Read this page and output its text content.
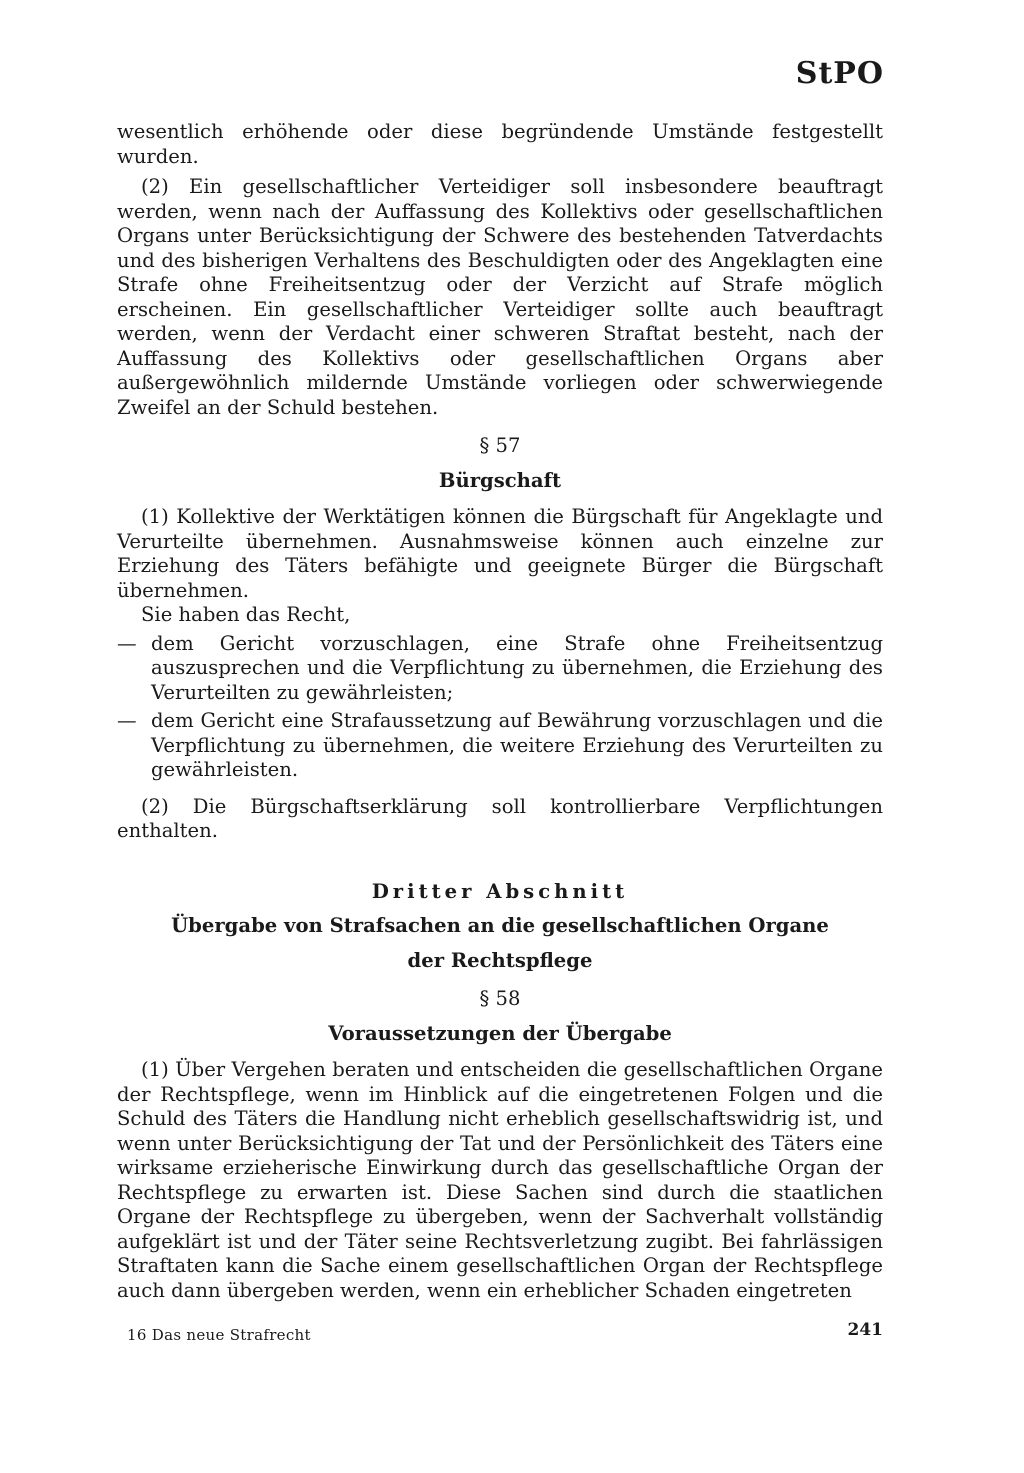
StPO

wesentlich erhöhende oder diese begründende Umstände festgestellt wurden.

(2) Ein gesellschaftlicher Verteidiger soll insbesondere beauftragt werden, wenn nach der Auffassung des Kollektivs oder gesellschaftlichen Organs unter Berücksichtigung der Schwere des bestehenden Tatverdachts und des bisherigen Verhaltens des Beschuldigten oder des Angeklagten eine Strafe ohne Freiheitsentzug oder der Verzicht auf Strafe möglich erscheinen. Ein gesellschaftlicher Verteidiger sollte auch beauftragt werden, wenn der Verdacht einer schweren Straftat besteht, nach der Auffassung des Kollektivs oder gesellschaftlichen Organs aber außergewöhnlich mildernde Umstände vorliegen oder schwerwiegende Zweifel an der Schuld bestehen.

§ 57

Bürgschaft

(1) Kollektive der Werktätigen können die Bürgschaft für Angeklagte und Verurteilte übernehmen. Ausnahmsweise können auch einzelne zur Erziehung des Täters befähigte und geeignete Bürger die Bürgschaft übernehmen.

Sie haben das Recht,

— dem Gericht vorzuschlagen, eine Strafe ohne Freiheitsentzug auszusprechen und die Verpflichtung zu übernehmen, die Erziehung des Verurteilten zu gewährleisten;

— dem Gericht eine Strafaussetzung auf Bewährung vorzuschlagen und die Verpflichtung zu übernehmen, die weitere Erziehung des Verurteilten zu gewährleisten.

(2) Die Bürgschaftserklärung soll kontrollierbare Verpflichtungen enthalten.

Dritter Abschnitt

Übergabe von Strafsachen an die gesellschaftlichen Organe

der Rechtspflege

§ 58

Voraussetzungen der Übergabe

(1) Über Vergehen beraten und entscheiden die gesellschaftlichen Organe der Rechtspflege, wenn im Hinblick auf die eingetretenen Folgen und die Schuld des Täters die Handlung nicht erheblich gesellschaftswidrig ist, und wenn unter Berücksichtigung der Tat und der Persönlichkeit des Täters eine wirksame erzieherische Einwirkung durch das gesellschaftliche Organ der Rechtspflege zu erwarten ist. Diese Sachen sind durch die staatlichen Organe der Rechtspflege zu übergeben, wenn der Sachverhalt vollständig aufgeklärt ist und der Täter seine Rechtsverletzung zugibt. Bei fahrlässigen Straftaten kann die Sache einem gesellschaftlichen Organ der Rechtspflege auch dann übergeben werden, wenn ein erheblicher Schaden eingetreten

16 Das neue Strafrecht	241
